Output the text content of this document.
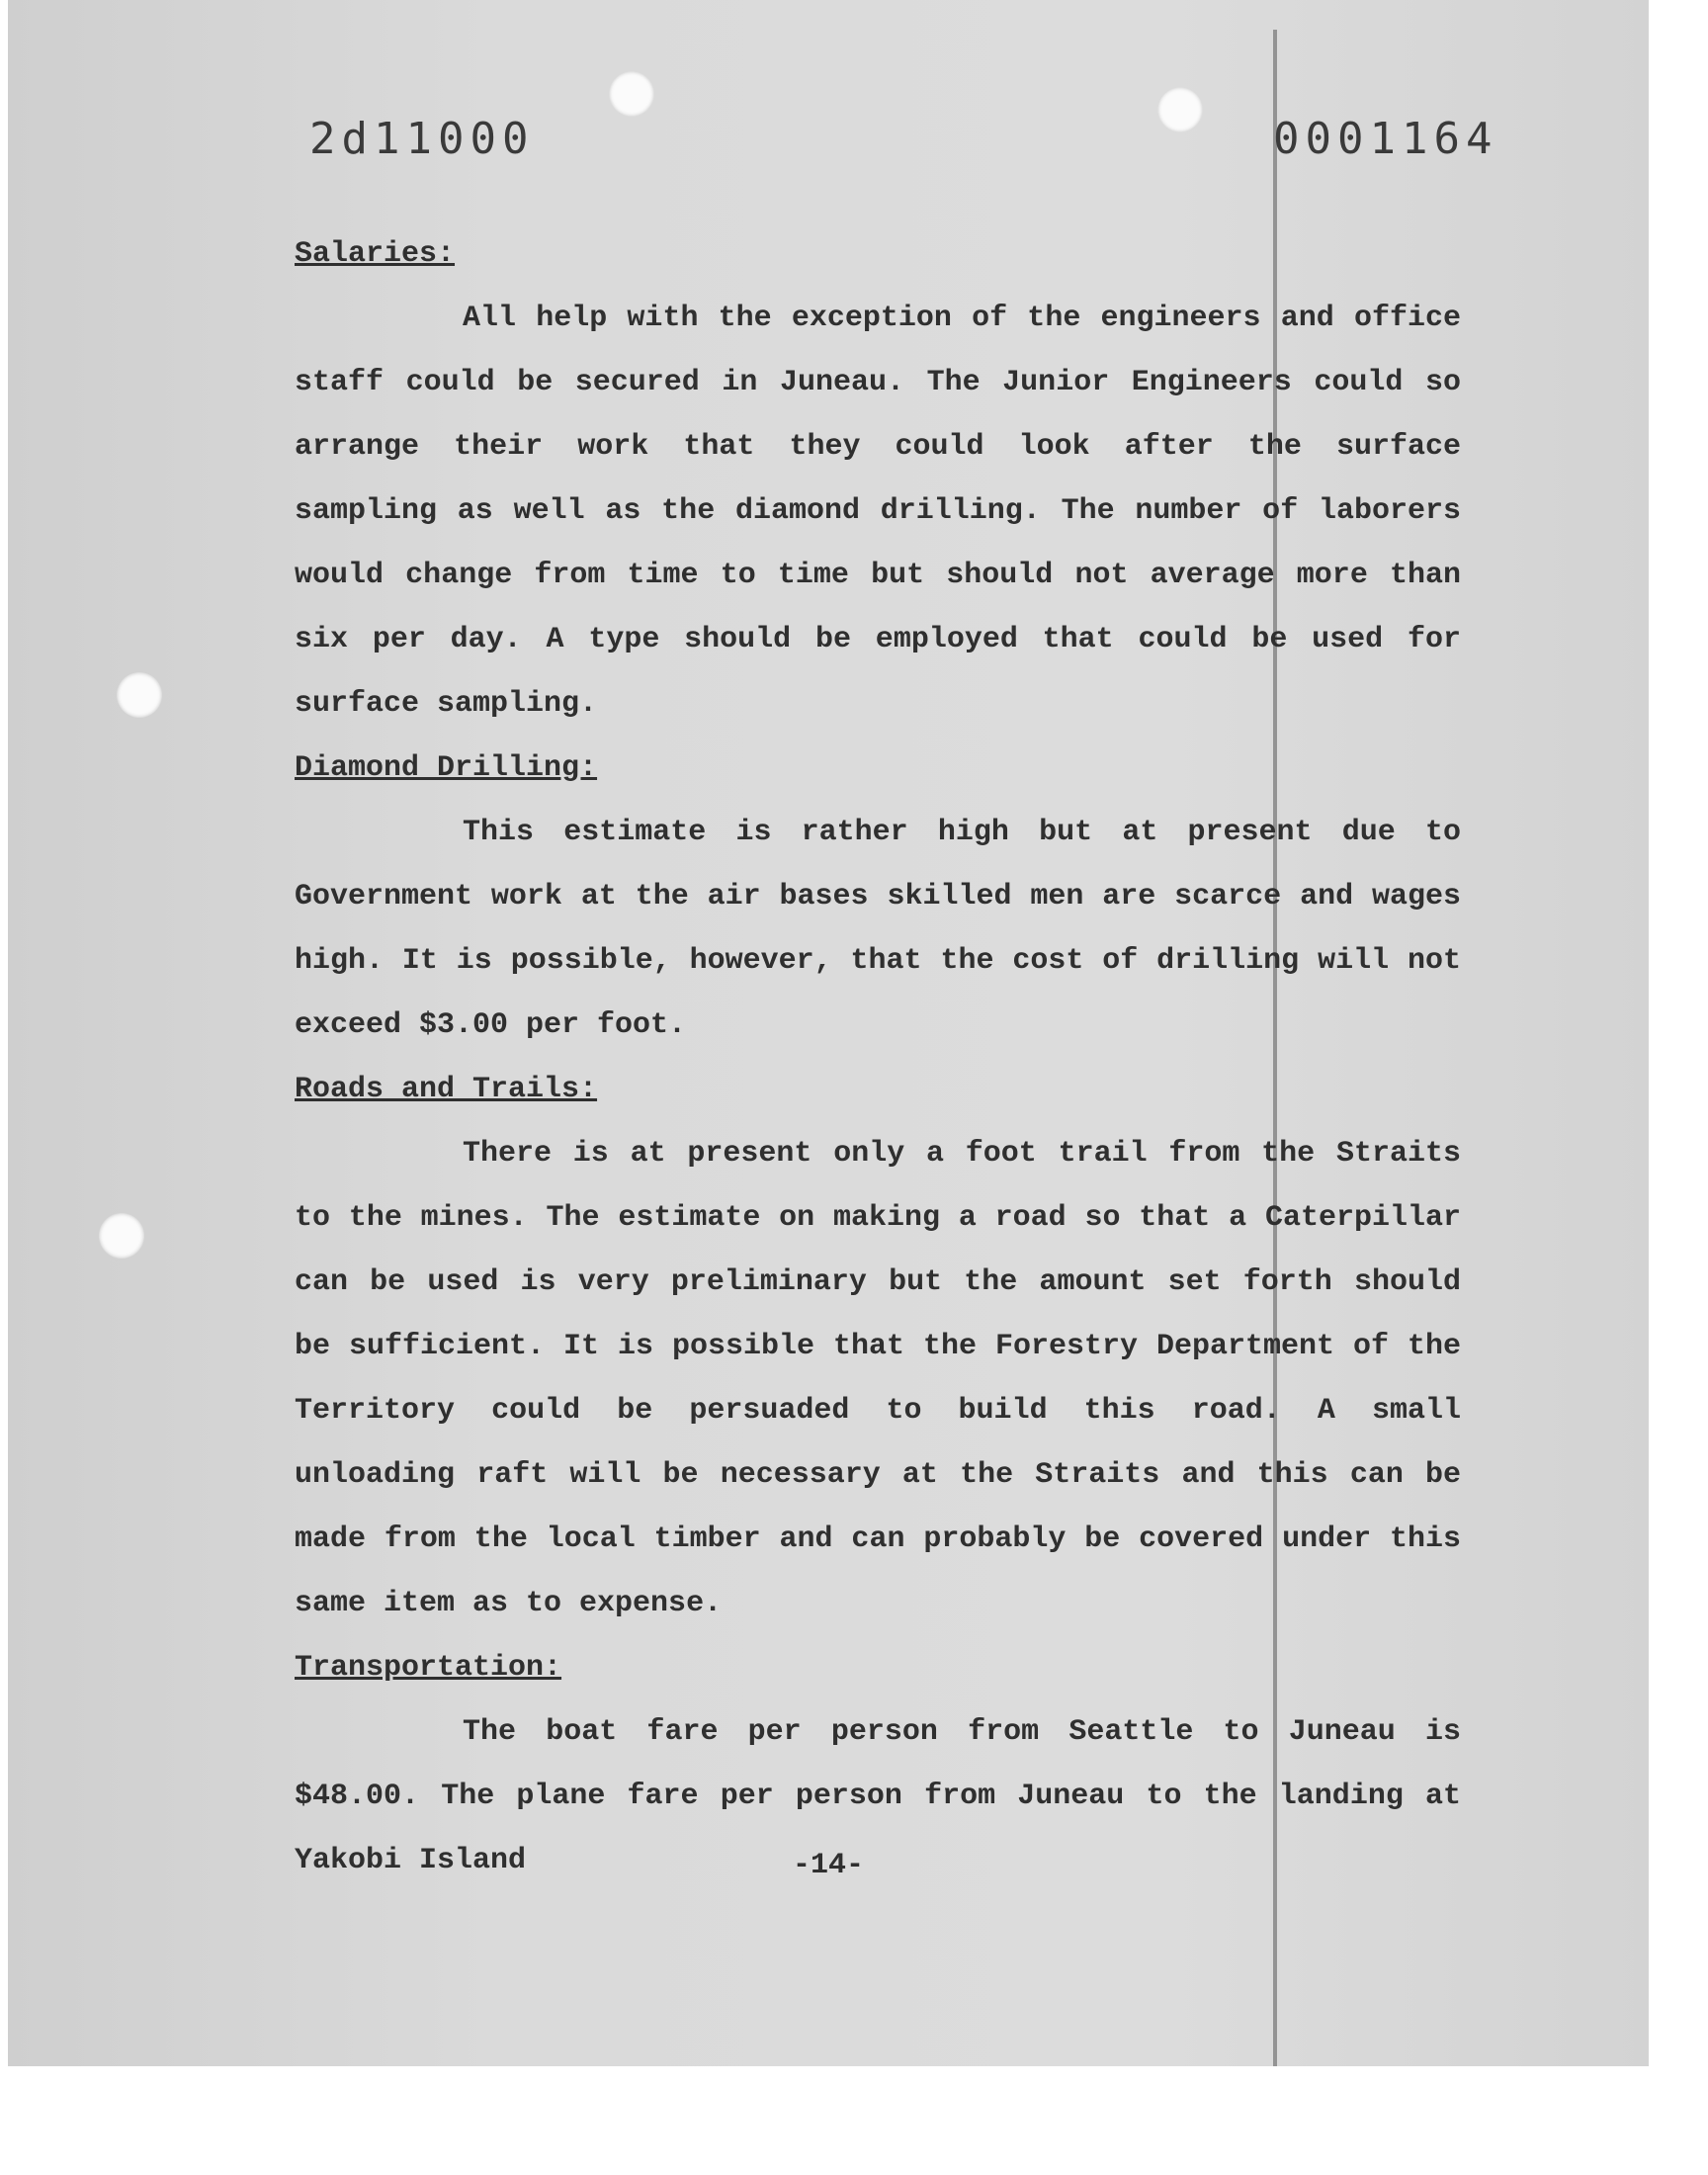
2d11000	0001164

Salaries:

All help with the exception of the engineers and office staff could be secured in Juneau. The Junior Engineers could so arrange their work that they could look after the surface sampling as well as the diamond drilling. The number of laborers would change from time to time but should not average more than six per day. A type should be employed that could be used for surface sampling.

Diamond Drilling:

This estimate is rather high but at present due to Government work at the air bases skilled men are scarce and wages high. It is possible, however, that the cost of drilling will not exceed $3.00 per foot.

Roads and Trails:

There is at present only a foot trail from the Straits to the mines. The estimate on making a road so that a Caterpillar can be used is very preliminary but the amount set forth should be sufficient. It is possible that the Forestry Department of the Territory could be persuaded to build this road. A small unloading raft will be necessary at the Straits and this can be made from the local timber and can probably be covered under this same item as to expense.

Transportation:

The boat fare per person from Seattle to Juneau is $48.00. The plane fare per person from Juneau to the landing at Yakobi Island	-14-
